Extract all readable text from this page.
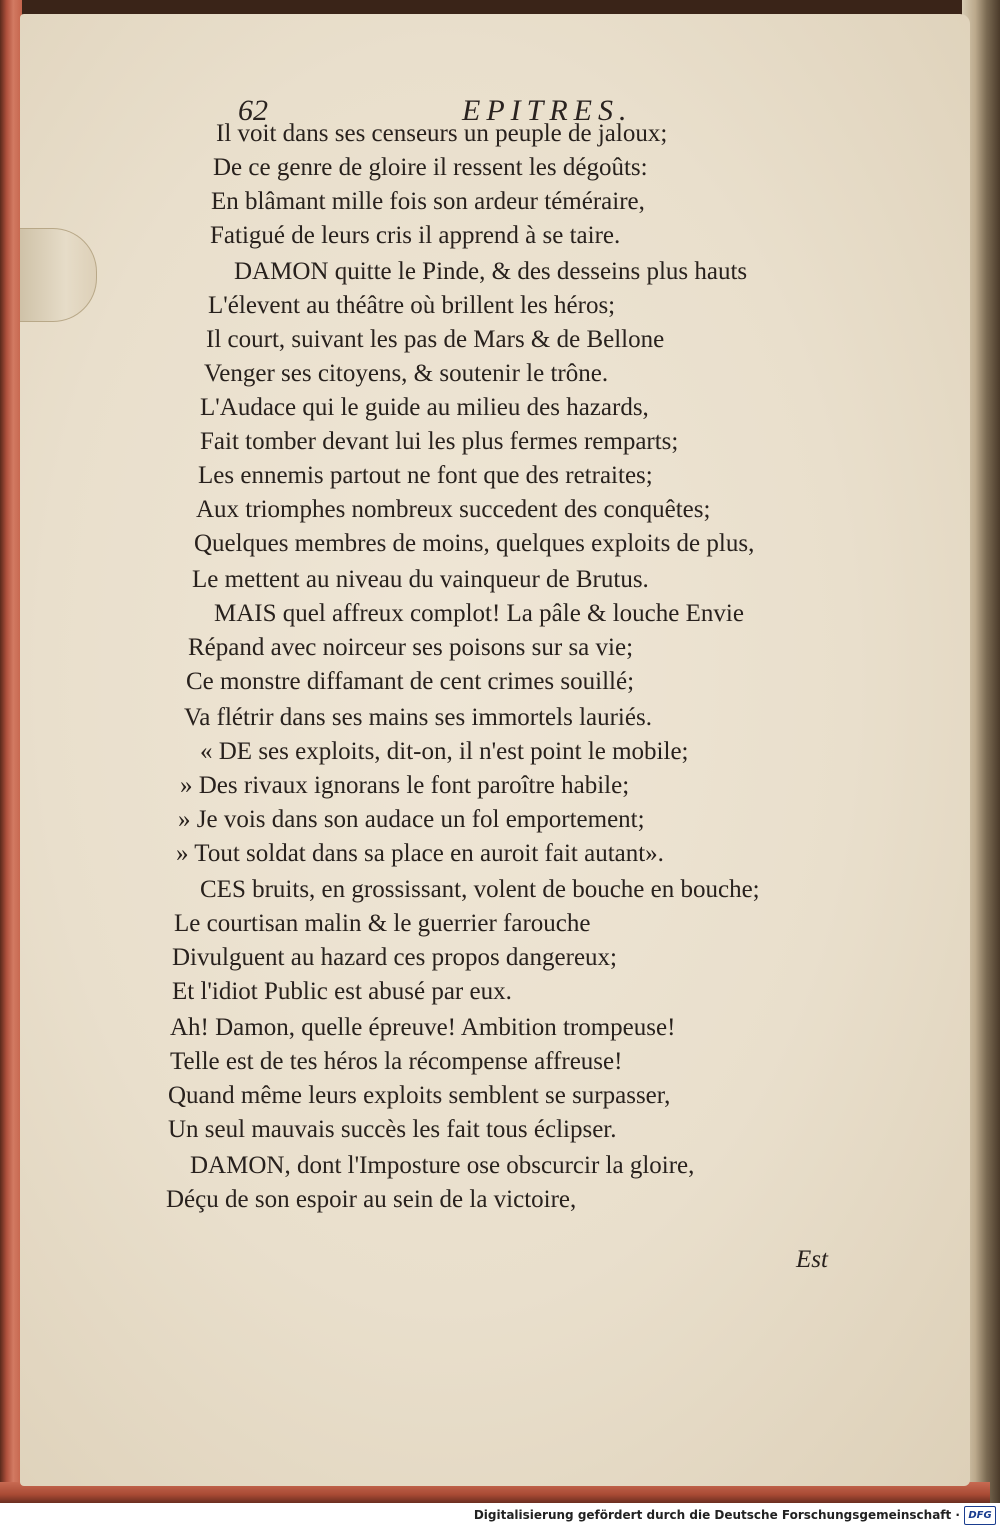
62	EPITRES.
Il voit dans ses censeurs un peuple de jaloux;
De ce genre de gloire il ressent les dégoûts:
En blâmant mille fois son ardeur téméraire,
Fatigué de leurs cris il apprend à se taire.
DAMON quitte le Pinde, & des desseins plus hauts
L'élevent au théâtre où brillent les héros;
Il court, suivant les pas de Mars & de Bellone
Venger ses citoyens, & soutenir le trône.
L'Audace qui le guide au milieu des hazards,
Fait tomber devant lui les plus fermes remparts;
Les ennemis partout ne font que des retraites;
Aux triomphes nombreux succedent des conquêtes;
Quelques membres de moins, quelques exploits de plus,
Le mettent au niveau du vainqueur de Brutus.
MAIS quel affreux complot! La pâle & louche Envie
Répand avec noirceur ses poisons sur sa vie;
Ce monstre diffamant de cent crimes souillé;
Va flétrir dans ses mains ses immortels lauriés.
« DE ses exploits, dit-on, il n'est point le mobile;
» Des rivaux ignorans le font paroître habile;
» Je vois dans son audace un fol emportement;
» Tout soldat dans sa place en auroit fait autant».
CES bruits, en grossissant, volent de bouche en bouche;
Le courtisan malin & le guerrier farouche
Divulguent au hazard ces propos dangereux;
Et l'idiot Public est abusé par eux.
Ah! Damon, quelle épreuve! Ambition trompeuse!
Telle est de tes héros la récompense affreuse!
Quand même leurs exploits semblent se surpasser,
Un seul mauvais succès les fait tous éclipser.
DAMON, dont l'Imposture ose obscurcir la gloire,
Déçu de son espoir au sein de la victoire,
Est
Digitalisierung gefördert durch die Deutsche Forschungsgemeinschaft · DFG
